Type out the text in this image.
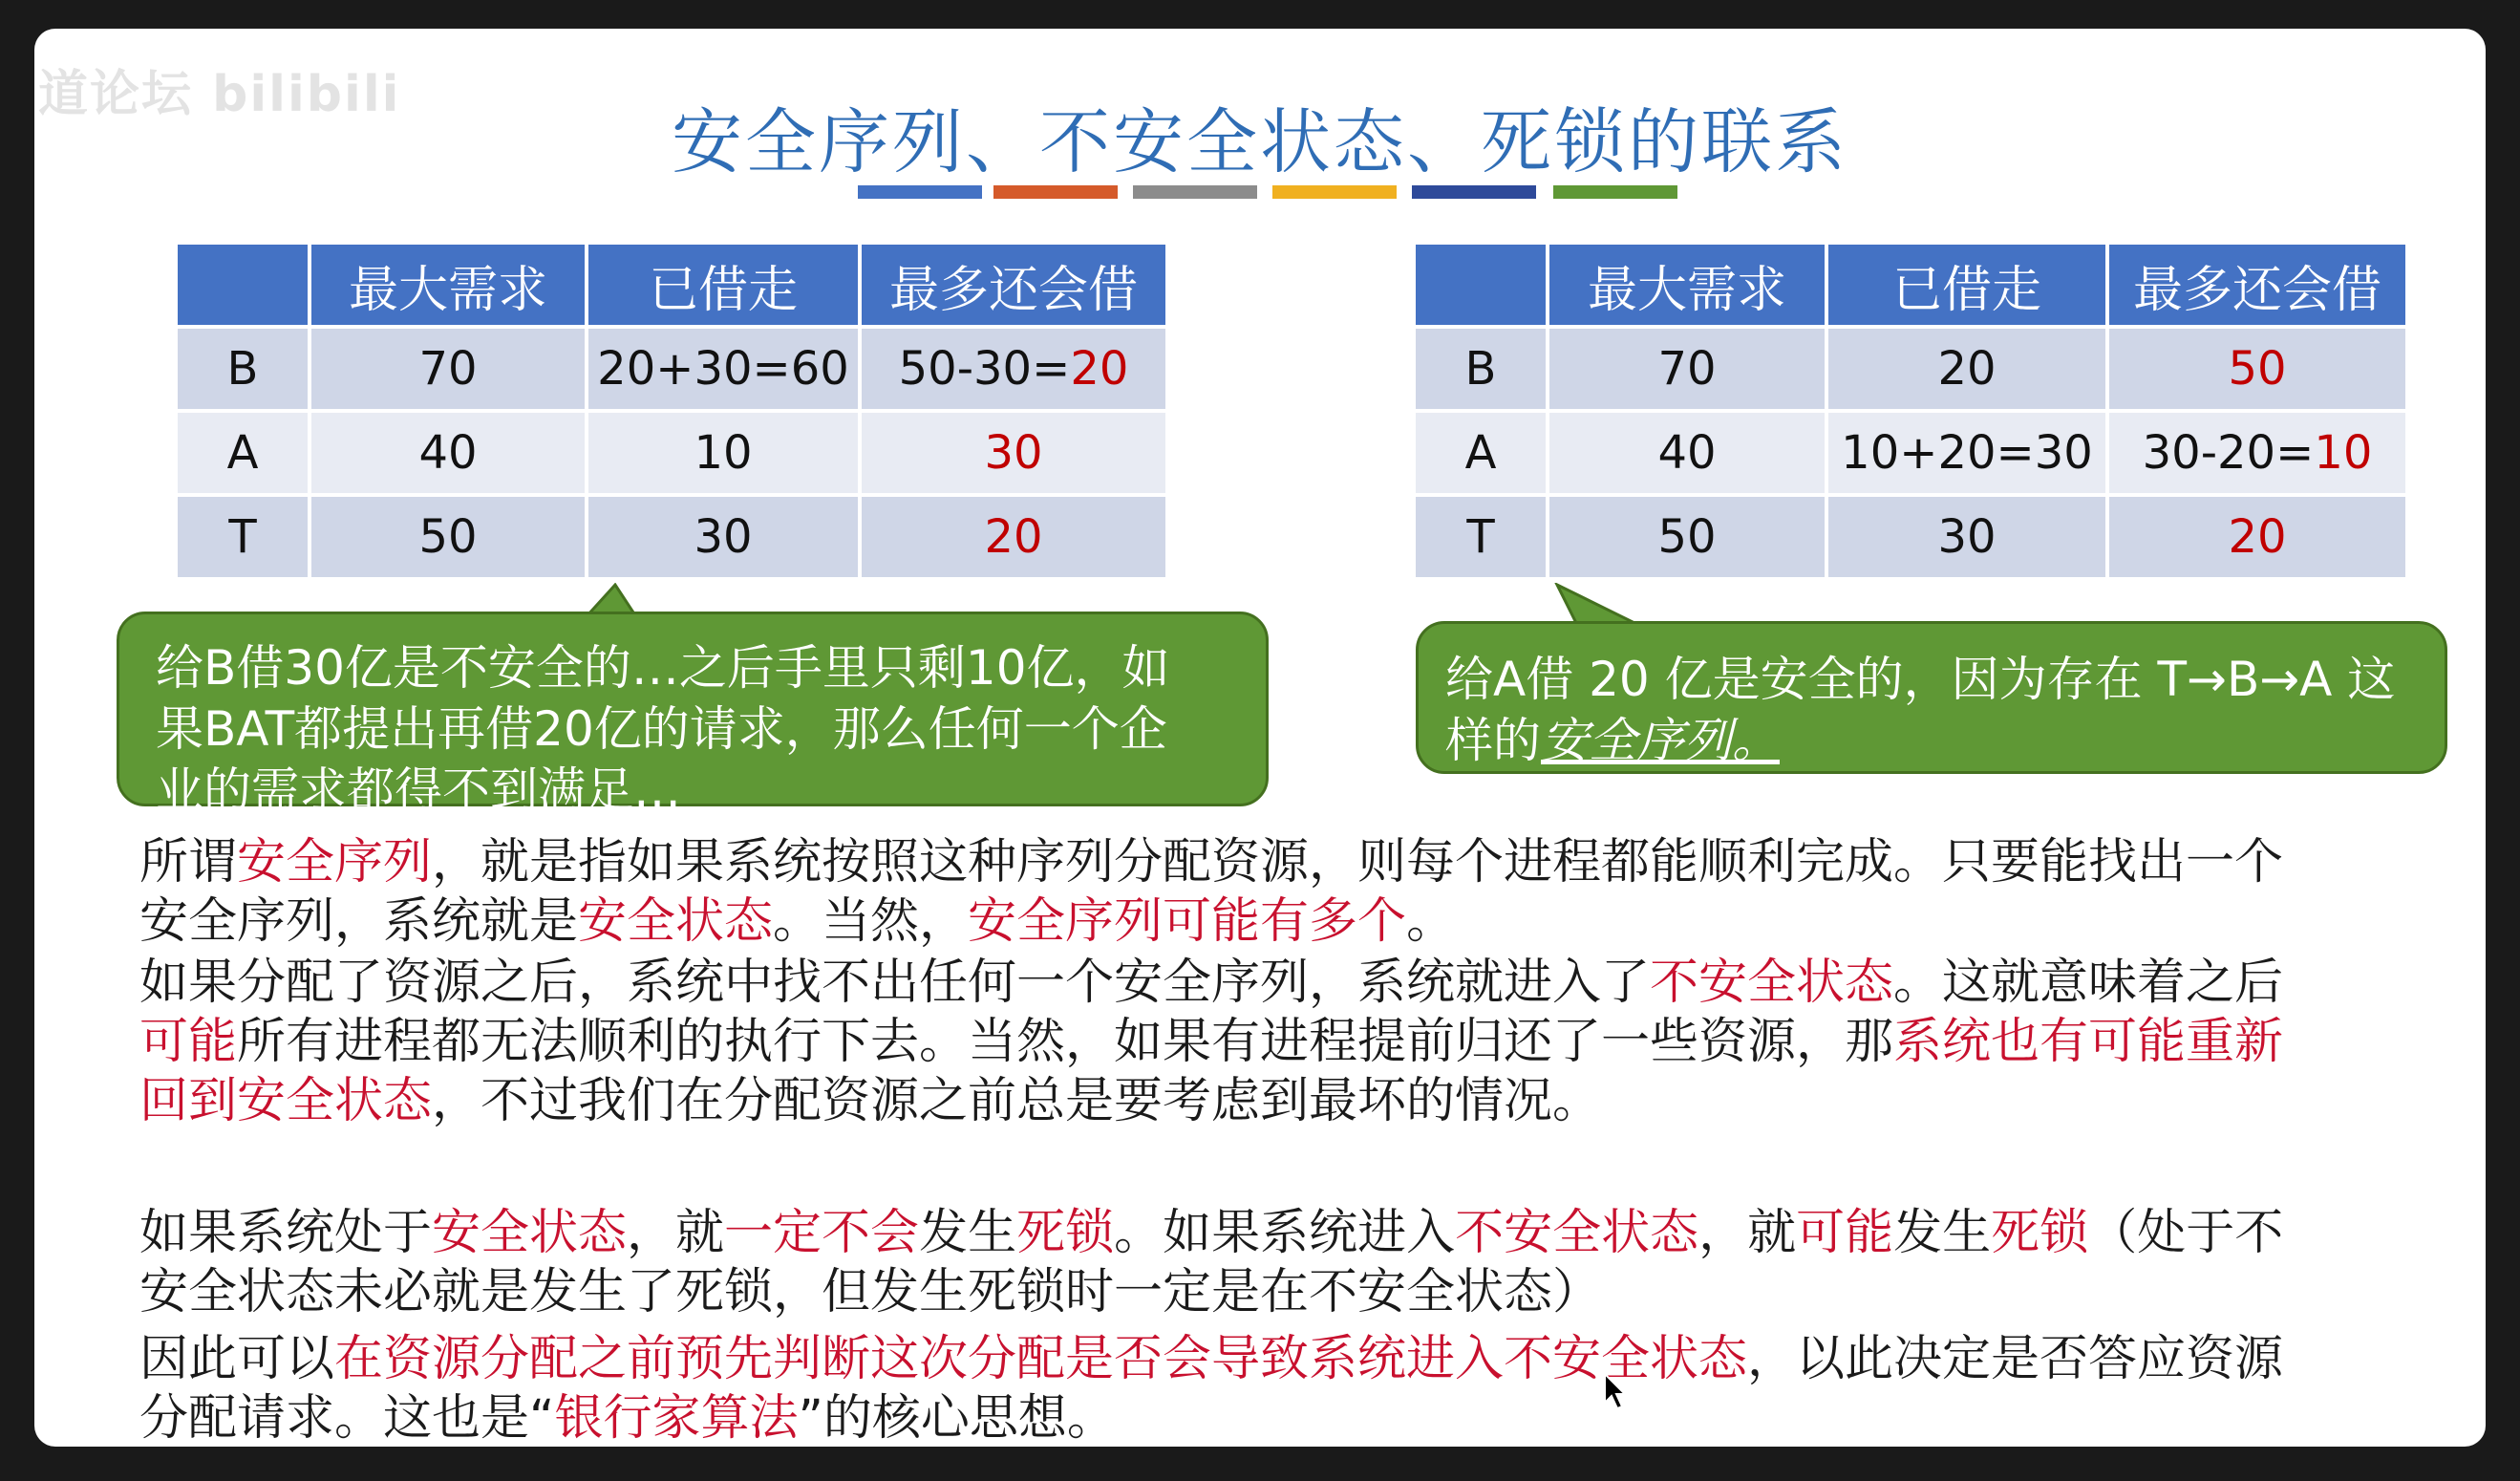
道论坛 bilibili
安全序列、不安全状态、死锁的联系
	最大需求	已借走	最多还会借
B	70	20+30=60	50-30=20
A	40	10	30
T	50	30	20
	最大需求	已借走	最多还会借
B	70	20	50
A	40	10+20=30	30-20=10
T	50	30	20
给B借30亿是不安全的…之后手里只剩10亿，如
果BAT都提出再借20亿的请求，那么任何一个企
业的需求都得不到满足…
给A借 20 亿是安全的，因为存在 T→B→A 这
样的安全序列。
所谓安全序列，就是指如果系统按照这种序列分配资源，则每个进程都能顺利完成。只要能找出一个
安全序列，系统就是安全状态。当然，安全序列可能有多个。
如果分配了资源之后，系统中找不出任何一个安全序列，系统就进入了不安全状态。这就意味着之后
可能所有进程都无法顺利的执行下去。当然，如果有进程提前归还了一些资源，那系统也有可能重新
回到安全状态，不过我们在分配资源之前总是要考虑到最坏的情况。
如果系统处于安全状态，就一定不会发生死锁。如果系统进入不安全状态，就可能发生死锁（处于不
安全状态未必就是发生了死锁，但发生死锁时一定是在不安全状态）
因此可以在资源分配之前预先判断这次分配是否会导致系统进入不安全状态，以此决定是否答应资源
分配请求。这也是“银行家算法”的核心思想。
